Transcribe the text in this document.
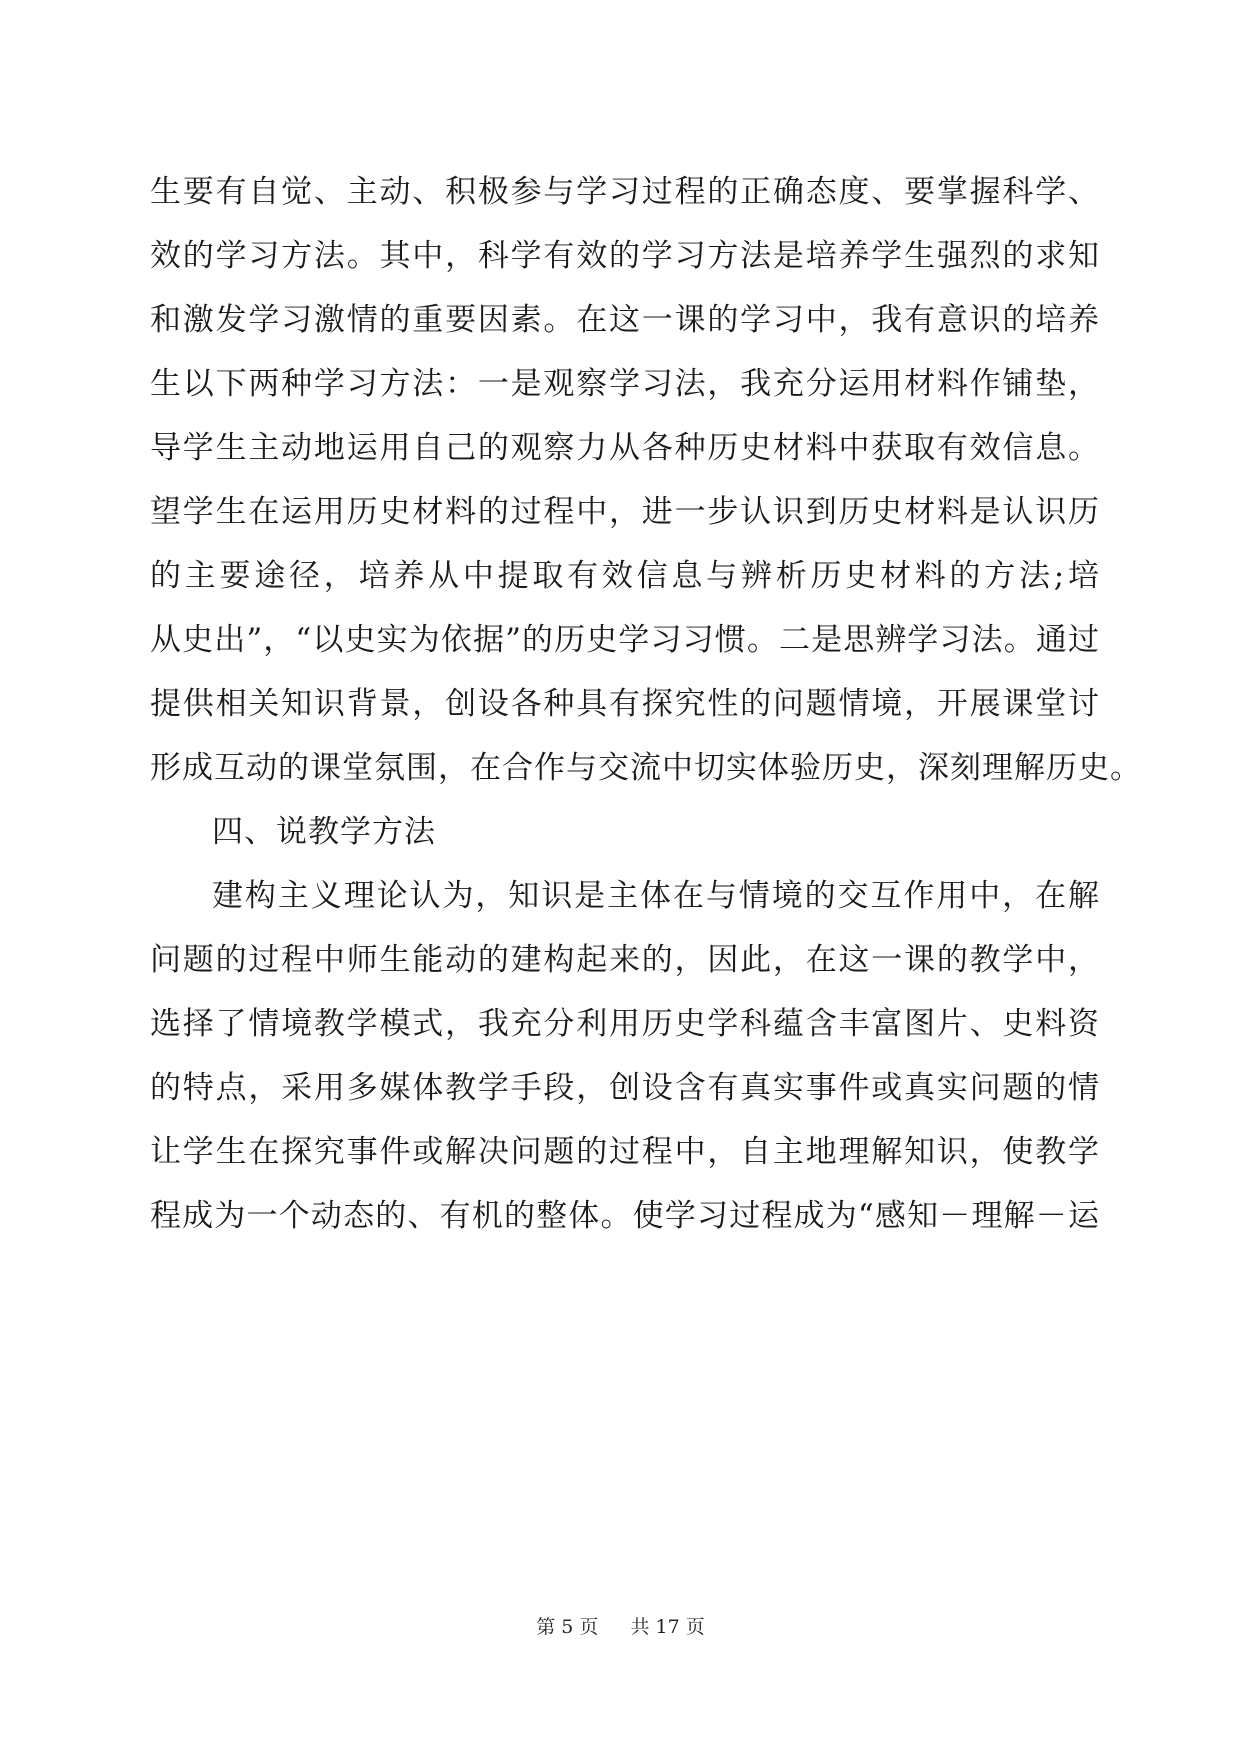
生要有自觉、主动、积极参与学习过程的正确态度、要掌握科学、
效的学习方法。其中，科学有效的学习方法是培养学生强烈的求知
和激发学习激情的重要因素。在这一课的学习中，我有意识的培养
生以下两种学习方法：一是观察学习法，我充分运用材料作铺垫，
导学生主动地运用自己的观察力从各种历史材料中获取有效信息。
望学生在运用历史材料的过程中，进一步认识到历史材料是认识历
的主要途径，培养从中提取有效信息与辨析历史材料的方法;培
从史出”，“以史实为依据”的历史学习习惯。二是思辨学习法。通过
提供相关知识背景，创设各种具有探究性的问题情境，开展课堂讨
形成互动的课堂氛围，在合作与交流中切实体验历史，深刻理解历史。
四、说教学方法
建构主义理论认为，知识是主体在与情境的交互作用中，在解
问题的过程中师生能动的建构起来的，因此，在这一课的教学中，
选择了情境教学模式，我充分利用历史学科蕴含丰富图片、史料资
的特点，采用多媒体教学手段，创设含有真实事件或真实问题的情
让学生在探究事件或解决问题的过程中，自主地理解知识，使教学
程成为一个动态的、有机的整体。使学习过程成为“感知－理解－运
第 5 页 共 17 页
